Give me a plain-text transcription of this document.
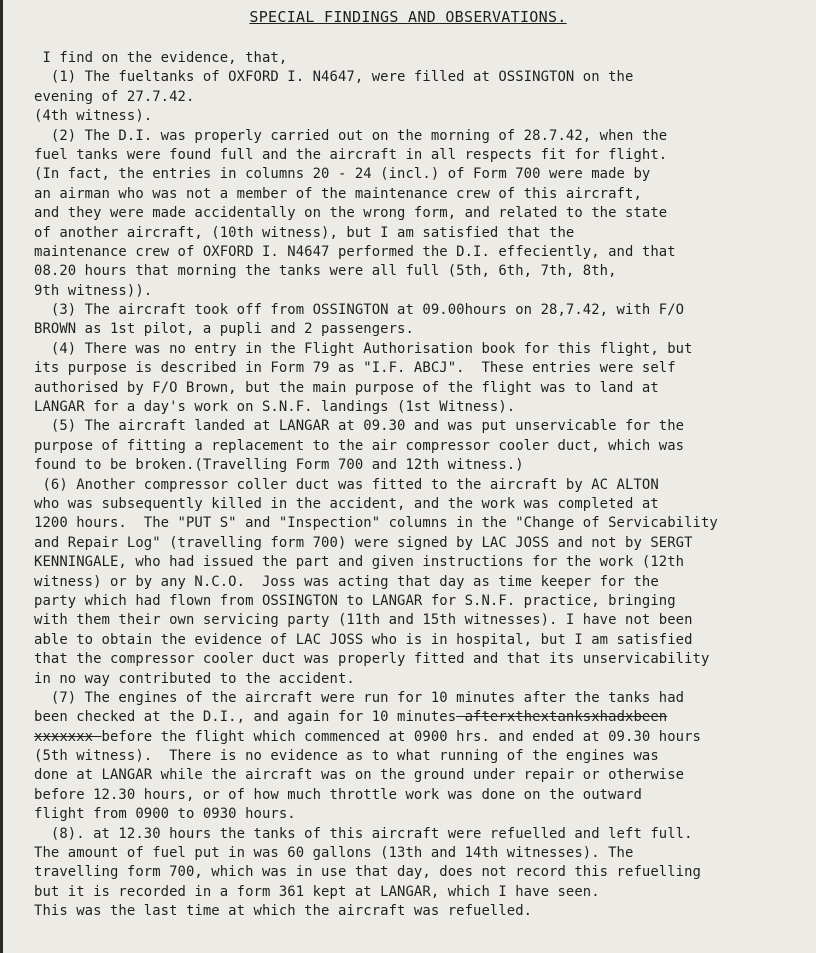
SPECIAL FINDINGS AND OBSERVATIONS.
I find on the evidence, that,
(1) The fueltanks of OXFORD I. N4647, were filled at OSSINGTON on the
evening of 27.7.42.
(4th witness).
(2) The D.I. was properly carried out on the morning of 28.7.42, when the
fuel tanks were found full and the aircraft in all respects fit for flight.
(In fact, the entries in columns 20 - 24 (incl.) of Form 700 were made by
an airman who was not a member of the maintenance crew of this aircraft,
and they were made accidentally on the wrong form, and related to the state
of another aircraft, (10th witness), but I am satisfied that the
maintenance crew of OXFORD I. N4647 performed the D.I. effeciently, and that
08.20 hours that morning the tanks were all full (5th, 6th, 7th, 8th,
9th witness)).
(3) The aircraft took off from OSSINGTON at 09.00hours on 28,7.42, with F/O
BROWN as 1st pilot, a pupli and 2 passengers.
(4) There was no entry in the Flight Authorisation book for this flight, but
its purpose is described in Form 79 as "I.F. ABCJ".  These entries were self
authorised by F/O Brown, but the main purpose of the flight was to land at
LANGAR for a day's work on S.N.F. landings (1st Witness).
(5) The aircraft landed at LANGAR at 09.30 and was put unservicable for the
purpose of fitting a replacement to the air compressor cooler duct, which was
found to be broken.(Travelling Form 700 and 12th witness.)
(6) Another compressor coller duct was fitted to the aircraft by AC ALTON
who was subsequently killed in the accident, and the work was completed at
1200 hours.  The "PUT S" and "Inspection" columns in the "Change of Servicability
and Repair Log" (travelling form 700) were signed by LAC JOSS and not by SERGT
KENNINGALE, who had issued the part and given instructions for the work (12th
witness) or by any N.C.O.  Joss was acting that day as time keeper for the
party which had flown from OSSINGTON to LANGAR for S.N.F. practice, bringing
with them their own servicing party (11th and 15th witnesses). I have not been
able to obtain the evidence of LAC JOSS who is in hospital, but I am satisfied
that the compressor cooler duct was properly fitted and that its unservicability
in no way contributed to the accident.
(7) The engines of the aircraft were run for 10 minutes after the tanks had
been checked at the D.I., and again for 10 minutes afterxthextanksxhadxbeen
xxxxxxx before the flight which commenced at 0900 hrs. and ended at 09.30 hours
(5th witness).  There is no evidence as to what running of the engines was
done at LANGAR while the aircraft was on the ground under repair or otherwise
before 12.30 hours, or of how much throttle work was done on the outward
flight from 0900 to 0930 hours.
(8). at 12.30 hours the tanks of this aircraft were refuelled and left full.
The amount of fuel put in was 60 gallons (13th and 14th witnesses). The
travelling form 700, which was in use that day, does not record this refuelling
but it is recorded in a form 361 kept at LANGAR, which I have seen.
This was the last time at which the aircraft was refuelled.
